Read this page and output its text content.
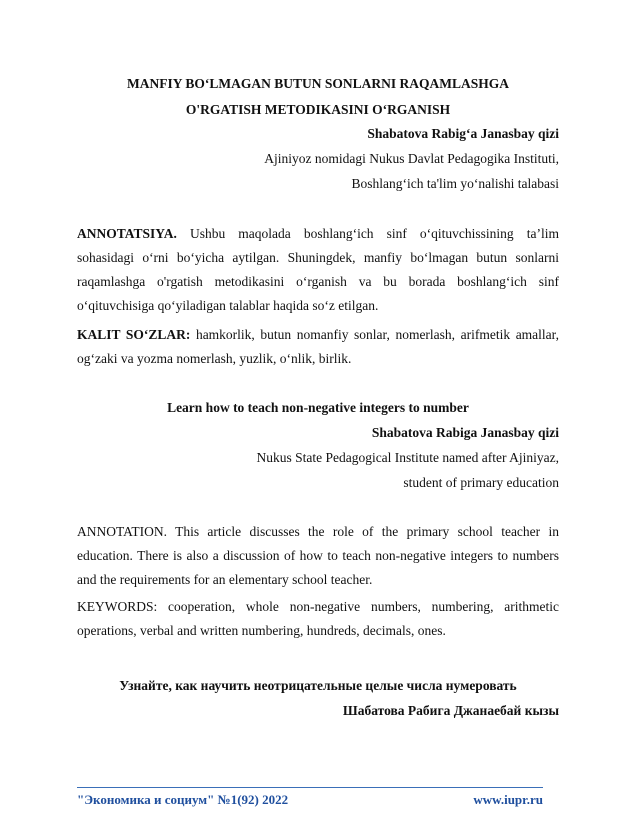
MANFIY BO‘LMAGAN BUTUN SONLARNI RAQAMLASHGA
O'RGATISH METODIKASINI O‘RGANISH
Shabatova Rabig‘a Janasbay qizi
Ajiniyoz nomidagi Nukus Davlat Pedagogika Instituti,
Boshlang‘ich ta'lim yo‘nalishi talabasi
ANNOTATSIYA. Ushbu maqolada boshlang‘ich sinf o‘qituvchissining ta’lim sohasidagi o‘rni bo‘yicha aytilgan. Shuningdek, manfiy bo‘lmagan butun sonlarni raqamlashga o'rgatish metodikasini o‘rganish va bu borada boshlang‘ich sinf o‘qituvchisiga qo‘yiladigan talablar haqida so‘z etilgan.
KALIT SO‘ZLAR: hamkorlik, butun nomanfiy sonlar, nomerlash, arifmetik amallar, og‘zaki va yozma nomerlash, yuzlik, o‘nlik, birlik.
Learn how to teach non-negative integers to number
Shabatova Rabiga Janasbay qizi
Nukus State Pedagogical Institute named after Ajiniyaz,
student of primary education
ANNOTATION. This article discusses the role of the primary school teacher in education. There is also a discussion of how to teach non-negative integers to numbers and the requirements for an elementary school teacher.
KEYWORDS: cooperation, whole non-negative numbers, numbering, arithmetic operations, verbal and written numbering, hundreds, decimals, ones.
Узнайте, как научить неотрицательные целые числа нумеровать
Шабатова Рабига Джанаебай кызы
"Экономика и социум" №1(92) 2022	www.iupr.ru
